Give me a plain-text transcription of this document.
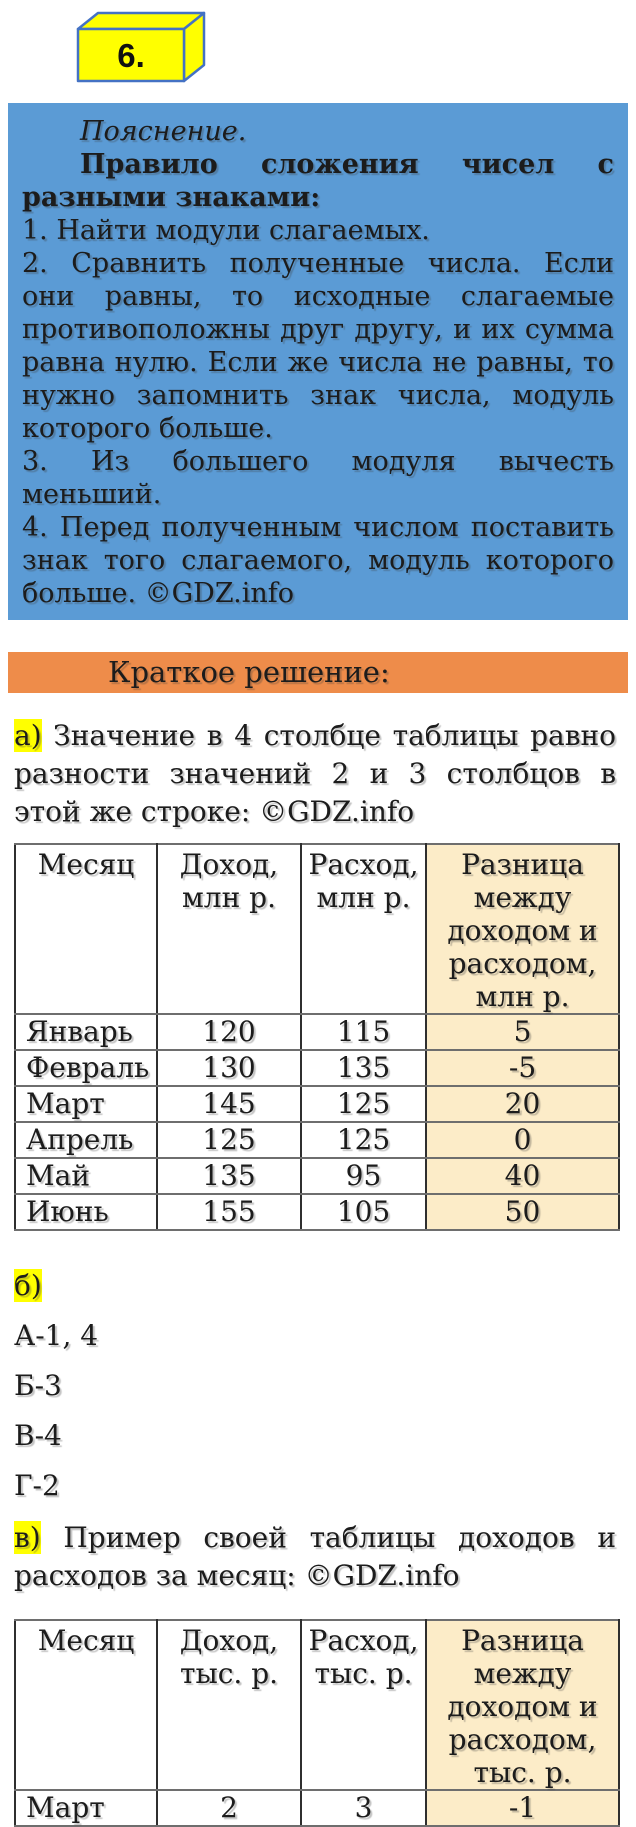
6.

Пояснение.

Правило сложения чисел с
разными знаками:

1. Найти модули слагаемых.

2. Сравнить полученные числа. Если они равны, то исходные слагаемые противоположны друг другу, и их сумма равна нулю. Если же числа не равны, то нужно запомнить знак числа, модуль которого больше.

3. Из большего модуля вычесть меньший.

4. Перед полученным числом поставить знак того слагаемого, модуль которого больше. ©GDZ.info

Краткое решение:

а) Значение в 4 столбце таблицы равно разности значений 2 и 3 столбцов в этой же строке: ©GDZ.info

Месяц	Доход, млн р.	Расход, млн р.	Разница между доходом и расходом, млн р.
Январь	120	115	5
Февраль	130	135	-5
Март	145	125	20
Апрель	125	125	0
Май	135	95	40
Июнь	155	105	50

б)

А-1, 4

Б-3

В-4

Г-2

в) Пример своей таблицы доходов и расходов за месяц: ©GDZ.info

Месяц	Доход, тыс. р.	Расход, тыс. р.	Разница между доходом и расходом, тыс. р.
Март	2	3	-1
